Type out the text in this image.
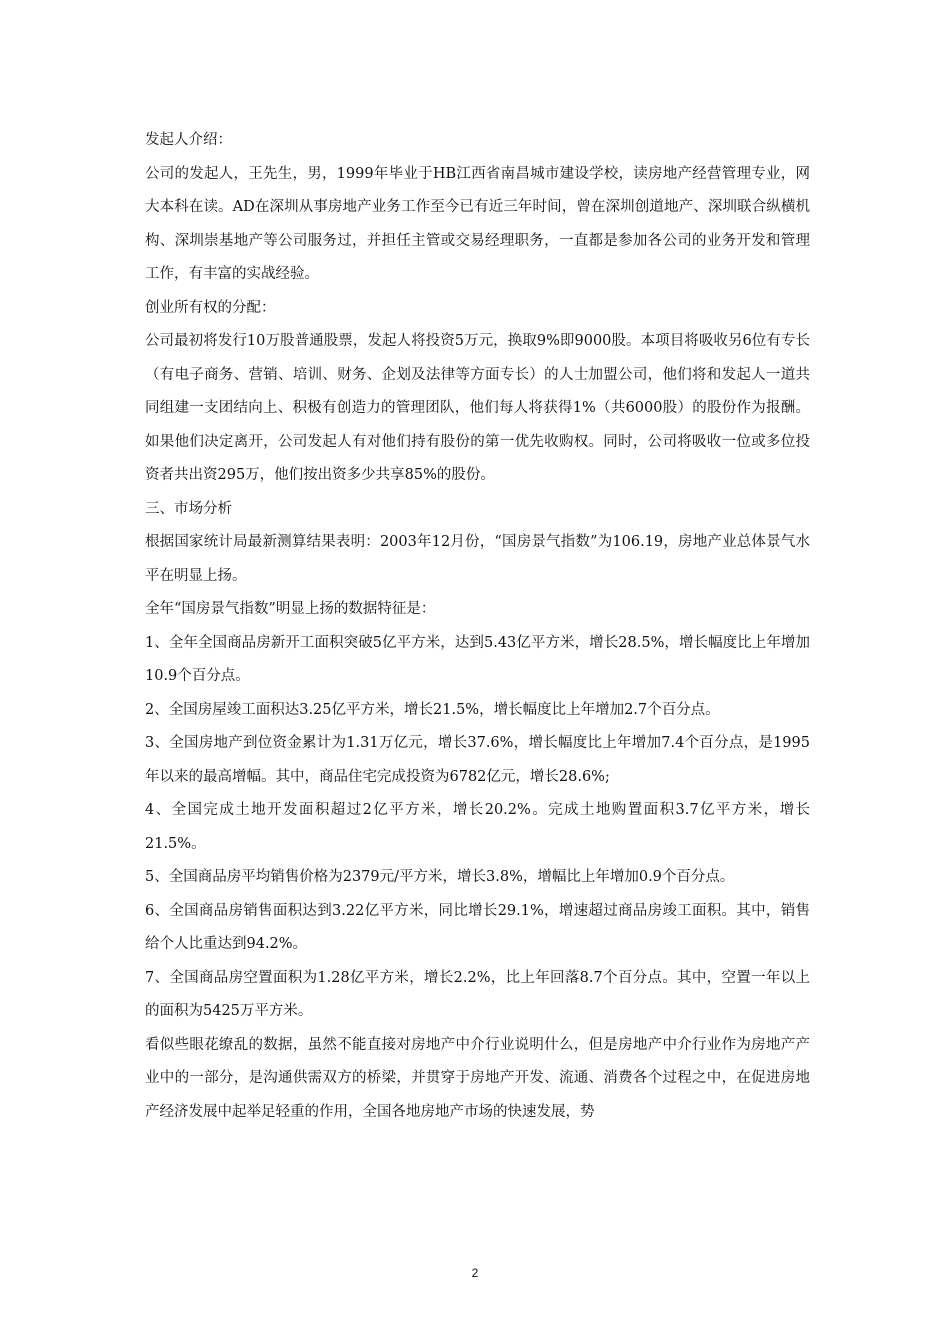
发起人介绍：

公司的发起人，王先生，男，1999年毕业于HB江西省南昌城市建设学校，读房地产经营管理专业，网大本科在读。AD在深圳从事房地产业务工作至今已有近三年时间，曾在深圳创道地产、深圳联合纵横机构、深圳崇基地产等公司服务过，并担任主管或交易经理职务，一直都是参加各公司的业务开发和管理工作，有丰富的实战经验。

创业所有权的分配：

公司最初将发行10万股普通股票，发起人将投资5万元，换取9%即9000股。本项目将吸收另6位有专长（有电子商务、营销、培训、财务、企划及法律等方面专长）的人士加盟公司，他们将和发起人一道共同组建一支团结向上、积极有创造力的管理团队，他们每人将获得1%（共6000股）的股份作为报酬。如果他们决定离开，公司发起人有对他们持有股份的第一优先收购权。同时，公司将吸收一位或多位投资者共出资295万，他们按出资多少共享85%的股份。

三、市场分析

根据国家统计局最新测算结果表明：2003年12月份，“国房景气指数”为106.19，房地产业总体景气水平在明显上扬。

全年“国房景气指数”明显上扬的数据特征是：

1、全年全国商品房新开工面积突破5亿平方米，达到5.43亿平方米，增长28.5%，增长幅度比上年增加10.9个百分点。

2、全国房屋竣工面积达3.25亿平方米，增长21.5%，增长幅度比上年增加2.7个百分点。

3、全国房地产到位资金累计为1.31万亿元，增长37.6%，增长幅度比上年增加7.4个百分点，是1995年以来的最高增幅。其中，商品住宅完成投资为6782亿元，增长28.6%;

4、全国完成土地开发面积超过2亿平方米，增长20.2%。完成土地购置面积3.7亿平方米，增长21.5%。

5、全国商品房平均销售价格为2379元/平方米，增长3.8%，增幅比上年增加0.9个百分点。

6、全国商品房销售面积达到3.22亿平方米，同比增长29.1%，增速超过商品房竣工面积。其中，销售给个人比重达到94.2%。

7、全国商品房空置面积为1.28亿平方米，增长2.2%，比上年回落8.7个百分点。其中，空置一年以上的面积为5425万平方米。

看似些眼花缭乱的数据，虽然不能直接对房地产中介行业说明什么，但是房地产中介行业作为房地产产业中的一部分，是沟通供需双方的桥梁，并贯穿于房地产开发、流通、消费各个过程之中，在促进房地产经济发展中起举足轻重的作用，全国各地房地产市场的快速发展，势

2
